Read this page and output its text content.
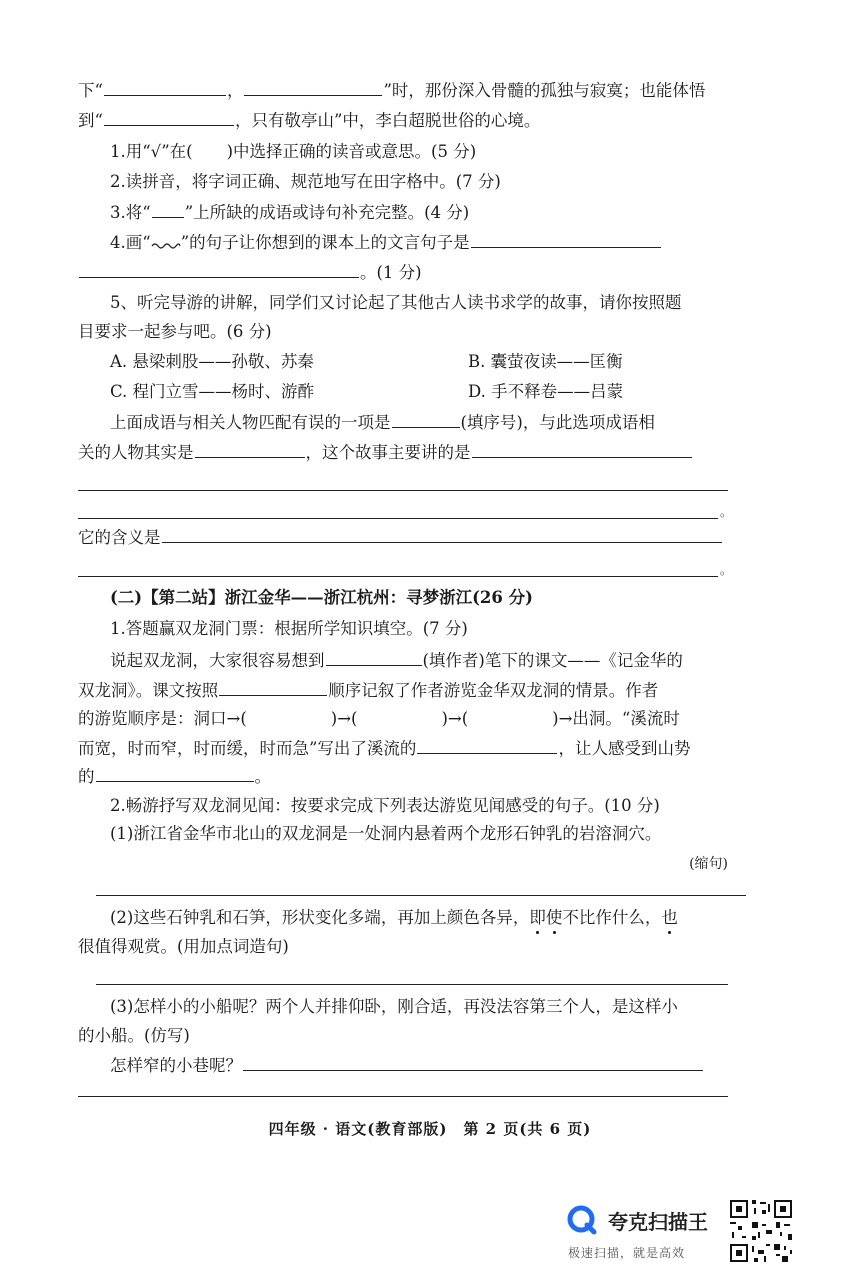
下“	，	”时，那份深入骨髓的孤独与寂寞；也能体悟
到“	，只有敬亭山”中，李白超脱世俗的心境。
1.用“√”在( )中选择正确的读音或意思。(5 分)
2.读拼音，将字词正确、规范地写在田字格中。(7 分)
3.将“ ”上所缺的成语或诗句补充完整。(4 分)
4.画“ ”的句子让你想到的课本上的文言句子是
。(1 分)
5、听完导游的讲解，同学们又讨论起了其他古人读书求学的故事，请你按照题
目要求一起参与吧。(6 分)
A. 悬梁刺股——孙敬、苏秦	B. 囊萤夜读——匡衡
C. 程门立雪——杨时、游酢	D. 手不释卷——吕蒙
上面成语与相关人物匹配有误的一项是	(填序号)，与此选项成语相
关的人物其实是	，这个故事主要讲的是
。
它的含义是
。
(二)【第二站】浙江金华——浙江杭州：寻梦浙江(26 分)
1.答题赢双龙洞门票：根据所学知识填空。(7 分)
说起双龙洞，大家很容易想到	(填作者)笔下的课文——《记金华的
双龙洞》。课文按照	顺序记叙了作者游览金华双龙洞的情景。作者
的游览顺序是：洞口→(	)→(	)→(	)→出洞。“溪流时
而宽，时而窄，时而缓，时而急”写出了溪流的	，让人感受到山势
的	。
2.畅游抒写双龙洞见闻：按要求完成下列表达游览见闻感受的句子。(10 分)
(1)浙江省金华市北山的双龙洞是一处洞内悬着两个龙形石钟乳的岩溶洞穴。
(缩句)
(2)这些石钟乳和石笋，形状变化多端，再加上颜色各异，即使不比作什么，也
很值得观赏。(用加点词造句)
(3)怎样小的小船呢？两个人并排仰卧，刚合适，再没法容第三个人，是这样小
的小船。(仿写)
怎样窄的小巷呢？
四年级 · 语文(教育部版)　第 2 页(共 6 页)
夸克扫描王
极速扫描，就是高效
